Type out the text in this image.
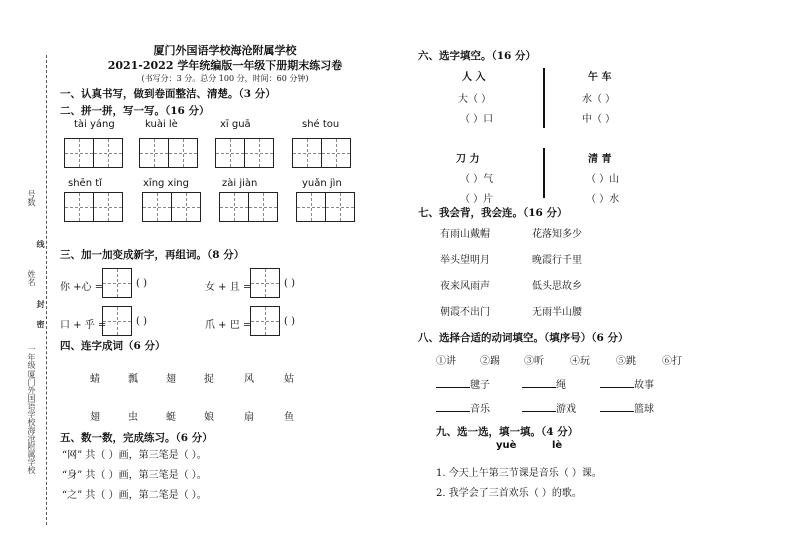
厦门外国语学校海沧附属学校
一年级
姓名
号数
线
封
密
厦门外国语学校海沧附属学校
2021-2022 学年统编版一年级下册期末练习卷
(书写分：3 分。总分 100 分，时间：60 分钟)
一、认真书写，做到卷面整洁、清楚。（3 分）
二、拼一拼，写一写。（16 分）
tài yáng	kuài lè	xī guā	shé tou
shēn tǐ	xīng xing	zài jiàn	yuǎn jìn
三、加一加变成新字，再组词。（8 分）
你 +心 =	( )	女 + 且 =	( )
口 + 乎 =	( )	爪 + 巴 =	( )
四、连字成词（6 分）
蜻	瓢	翅	捉	风	姑
翅	虫	蜓	娘	扇	鱼
五、数一数，完成练习。（6 分）
“网” 共（ ）画，第三笔是（ ）。
“身” 共（ ）画，第三笔是（ ）。
“之” 共（ ）画，第二笔是（ ）。
六、选字填空。（16 分）
人 入
大（ ）
（ ）口
午 车
水（ ）
中（ ）
刀 力
（ ）气
（ ）片
清 青
（ ）山
（ ）水
七、我会背，我会连。（16 分）
有雨山戴帽
举头望明月
夜来风雨声
朝霞不出门
花落知多少
晚霞行千里
低头思故乡
无雨半山腰
八、选择合适的动词填空。（填序号）（6 分）
①讲 ②踢 ③听	④玩	⑤跳	⑥打
毽子	绳	故事
音乐	游戏	篮球
九、选一选，填一填。（4 分）
yuè	lè
1. 今天上午第三节课是音乐（ ）课。
2. 我学会了三首欢乐（ ）的歌。
